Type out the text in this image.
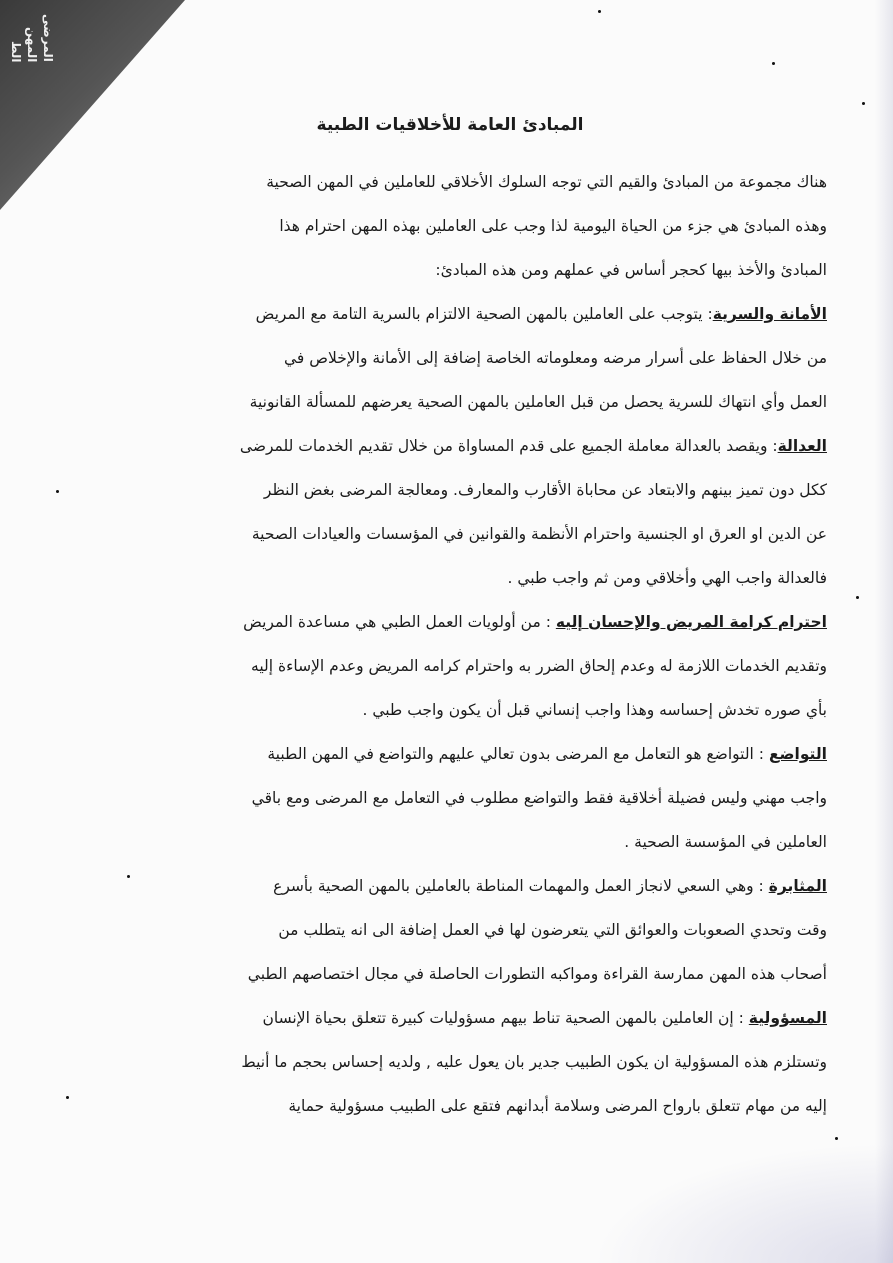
المرضى المهن الط
المبادئ العامة للأخلاقيات الطبية
هناك مجموعة من المبادئ والقيم التي توجه السلوك الأخلاقي للعاملين في المهن الصحية
وهذه المبادئ هي جزء من الحياة اليومية لذا وجب على العاملين بهذه المهن احترام هذا
المبادئ والأخذ بيها كحجر أساس في عملهم ومن هذه المبادئ:
الأمانة والسرية: يتوجب على العاملين بالمهن الصحية الالتزام بالسرية التامة مع المريض
من خلال الحفاظ على أسرار مرضه ومعلوماته الخاصة إضافة إلى الأمانة والإخلاص في
العمل وأي انتهاك للسرية يحصل من قبل العاملين بالمهن الصحية يعرضهم للمسألة القانونية
العدالة: ويقصد بالعدالة معاملة الجميع على قدم المساواة من خلال تقديم الخدمات للمرضى
ككل دون تميز بينهم والابتعاد عن محاباة الأقارب والمعارف. ومعالجة المرضى بغض النظر
عن الدين او العرق او الجنسية واحترام الأنظمة والقوانين في المؤسسات والعيادات الصحية
فالعدالة واجب الهي وأخلاقي ومن ثم واجب طبي .
احترام كرامة المريض والإحسان إليه : من أولويات العمل الطبي هي مساعدة المريض
وتقديم الخدمات اللازمة له وعدم إلحاق الضرر به واحترام كرامه المريض وعدم الإساءة إليه
بأي صوره تخدش إحساسه وهذا واجب إنساني قبل أن يكون واجب طبي .
التواضع : التواضع هو التعامل مع المرضى بدون تعالي عليهم والتواضع في المهن الطبية
واجب مهني وليس فضيلة أخلاقية فقط والتواضع مطلوب في التعامل مع المرضى ومع باقي
العاملين في المؤسسة الصحية .
المثابرة : وهي السعي لانجاز العمل والمهمات المناطة بالعاملين بالمهن الصحية بأسرع
وقت وتحدي الصعوبات والعوائق التي يتعرضون لها في العمل إضافة الى انه يتطلب من
أصحاب هذه المهن ممارسة القراءة ومواكبه التطورات الحاصلة في مجال اختصاصهم الطبي
المسؤولية : إن العاملين بالمهن الصحية تناط بيهم مسؤوليات كبيرة تتعلق بحياة الإنسان
وتستلزم هذه المسؤولية ان يكون الطبيب جدير بان يعول عليه , ولديه إحساس بحجم ما أنيط
إليه من مهام تتعلق بارواح المرضى وسلامة أبدانهم فتقع على الطبيب مسؤولية حماية
